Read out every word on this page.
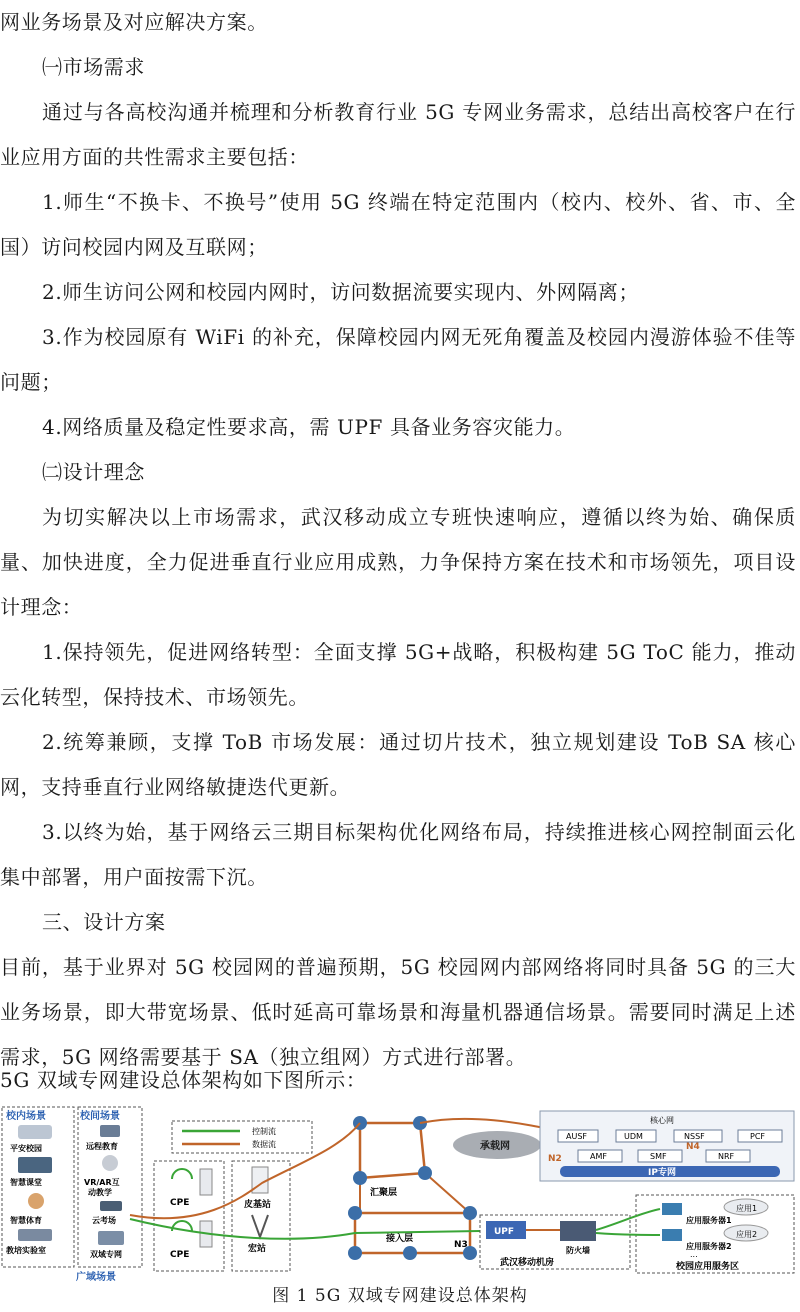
网业务场景及对应解决方案。

㈠市场需求

通过与各高校沟通并梳理和分析教育行业 5G 专网业务需求，总结出高校客户在行业应用方面的共性需求主要包括：

1.师生“不换卡、不换号”使用 5G 终端在特定范围内（校内、校外、省、市、全国）访问校园内网及互联网；

2.师生访问公网和校园内网时，访问数据流要实现内、外网隔离；

3.作为校园原有 WiFi 的补充，保障校园内网无死角覆盖及校园内漫游体验不佳等问题；

4.网络质量及稳定性要求高，需 UPF 具备业务容灾能力。

㈡设计理念

为切实解决以上市场需求，武汉移动成立专班快速响应，遵循以终为始、确保质量、加快进度，全力促进垂直行业应用成熟，力争保持方案在技术和市场领先，项目设计理念：

1.保持领先，促进网络转型：全面支撑 5G+战略，积极构建 5G ToC 能力，推动云化转型，保持技术、市场领先。

2.统筹兼顾，支撑 ToB 市场发展：通过切片技术，独立规划建设 ToB SA 核心网，支持垂直行业网络敏捷迭代更新。

3.以终为始，基于网络云三期目标架构优化网络布局，持续推进核心网控制面云化集中部署，用户面按需下沉。

三、设计方案

目前，基于业界对 5G 校园网的普遍预期，5G 校园网内部网络将同时具备 5G 的三大业务场景，即大带宽场景、低时延高可靠场景和海量机器通信场景。需要同时满足上述需求，5G 网络需要基于 SA（独立组网）方式进行部署。

5G 双域专网建设总体架构如下图所示：

校内场景	校间场景
平安校园
智慧课堂
智慧体育
教培实验室
远程教育
VR/AR互
动教学
云考场
双域专网
广域场景
控制流
数据流
CPE
CPE
皮基站
宏站
汇聚层
接入层
承载网
核心网
AUSF	UDM	NSSF	PCF
AMF	SMF	NRF
N2
N4
IP专网
UPF
N3
防火墙
武汉移动机房
应用1
应用服务器1
应用2
应用服务器2
...
校园应用服务区
图 1 5G 双域专网建设总体架构
